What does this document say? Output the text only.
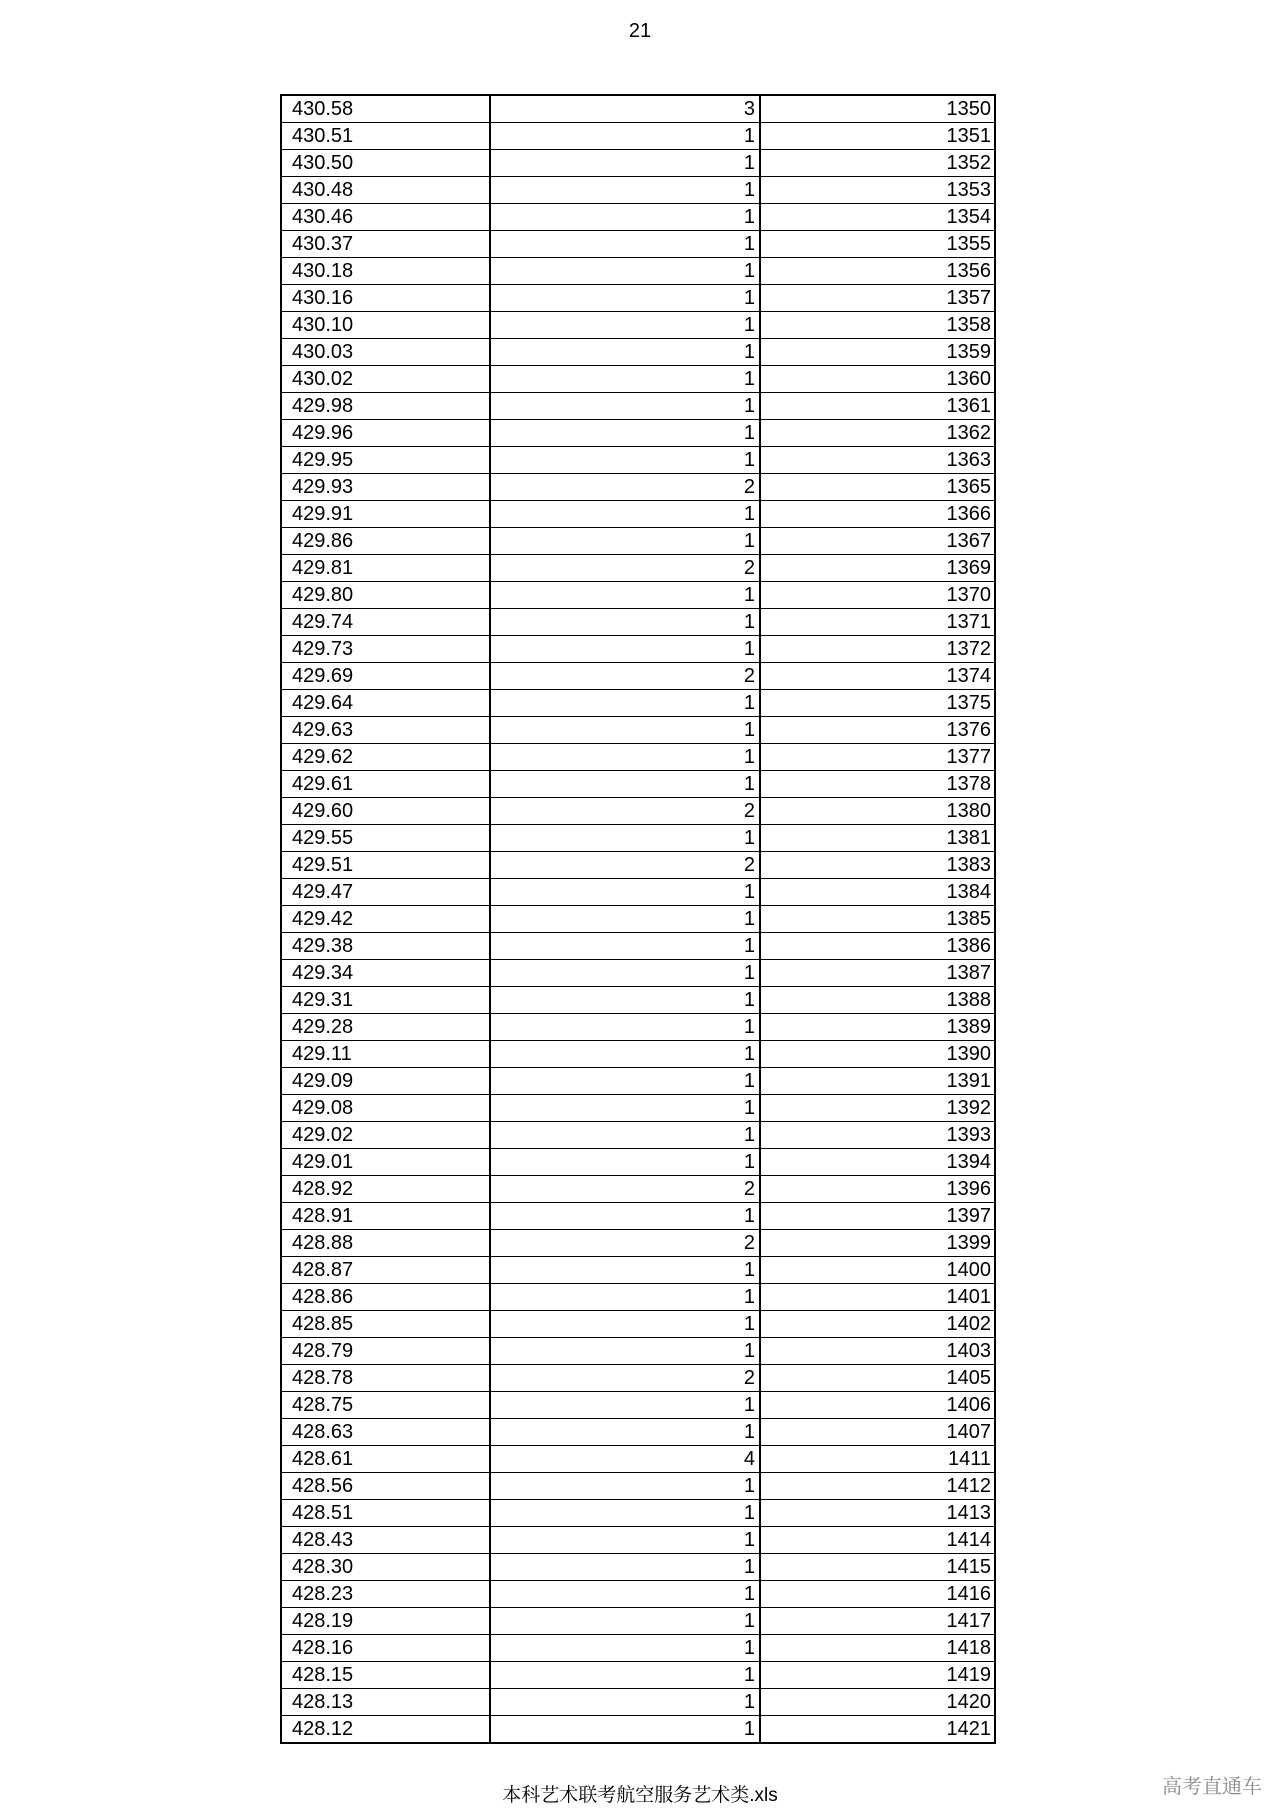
21
430.58	3	1350
430.51	1	1351
430.50	1	1352
430.48	1	1353
430.46	1	1354
430.37	1	1355
430.18	1	1356
430.16	1	1357
430.10	1	1358
430.03	1	1359
430.02	1	1360
429.98	1	1361
429.96	1	1362
429.95	1	1363
429.93	2	1365
429.91	1	1366
429.86	1	1367
429.81	2	1369
429.80	1	1370
429.74	1	1371
429.73	1	1372
429.69	2	1374
429.64	1	1375
429.63	1	1376
429.62	1	1377
429.61	1	1378
429.60	2	1380
429.55	1	1381
429.51	2	1383
429.47	1	1384
429.42	1	1385
429.38	1	1386
429.34	1	1387
429.31	1	1388
429.28	1	1389
429.11	1	1390
429.09	1	1391
429.08	1	1392
429.02	1	1393
429.01	1	1394
428.92	2	1396
428.91	1	1397
428.88	2	1399
428.87	1	1400
428.86	1	1401
428.85	1	1402
428.79	1	1403
428.78	2	1405
428.75	1	1406
428.63	1	1407
428.61	4	1411
428.56	1	1412
428.51	1	1413
428.43	1	1414
428.30	1	1415
428.23	1	1416
428.19	1	1417
428.16	1	1418
428.15	1	1419
428.13	1	1420
428.12	1	1421
本科艺术联考航空服务艺术类.xls	高考直通车
